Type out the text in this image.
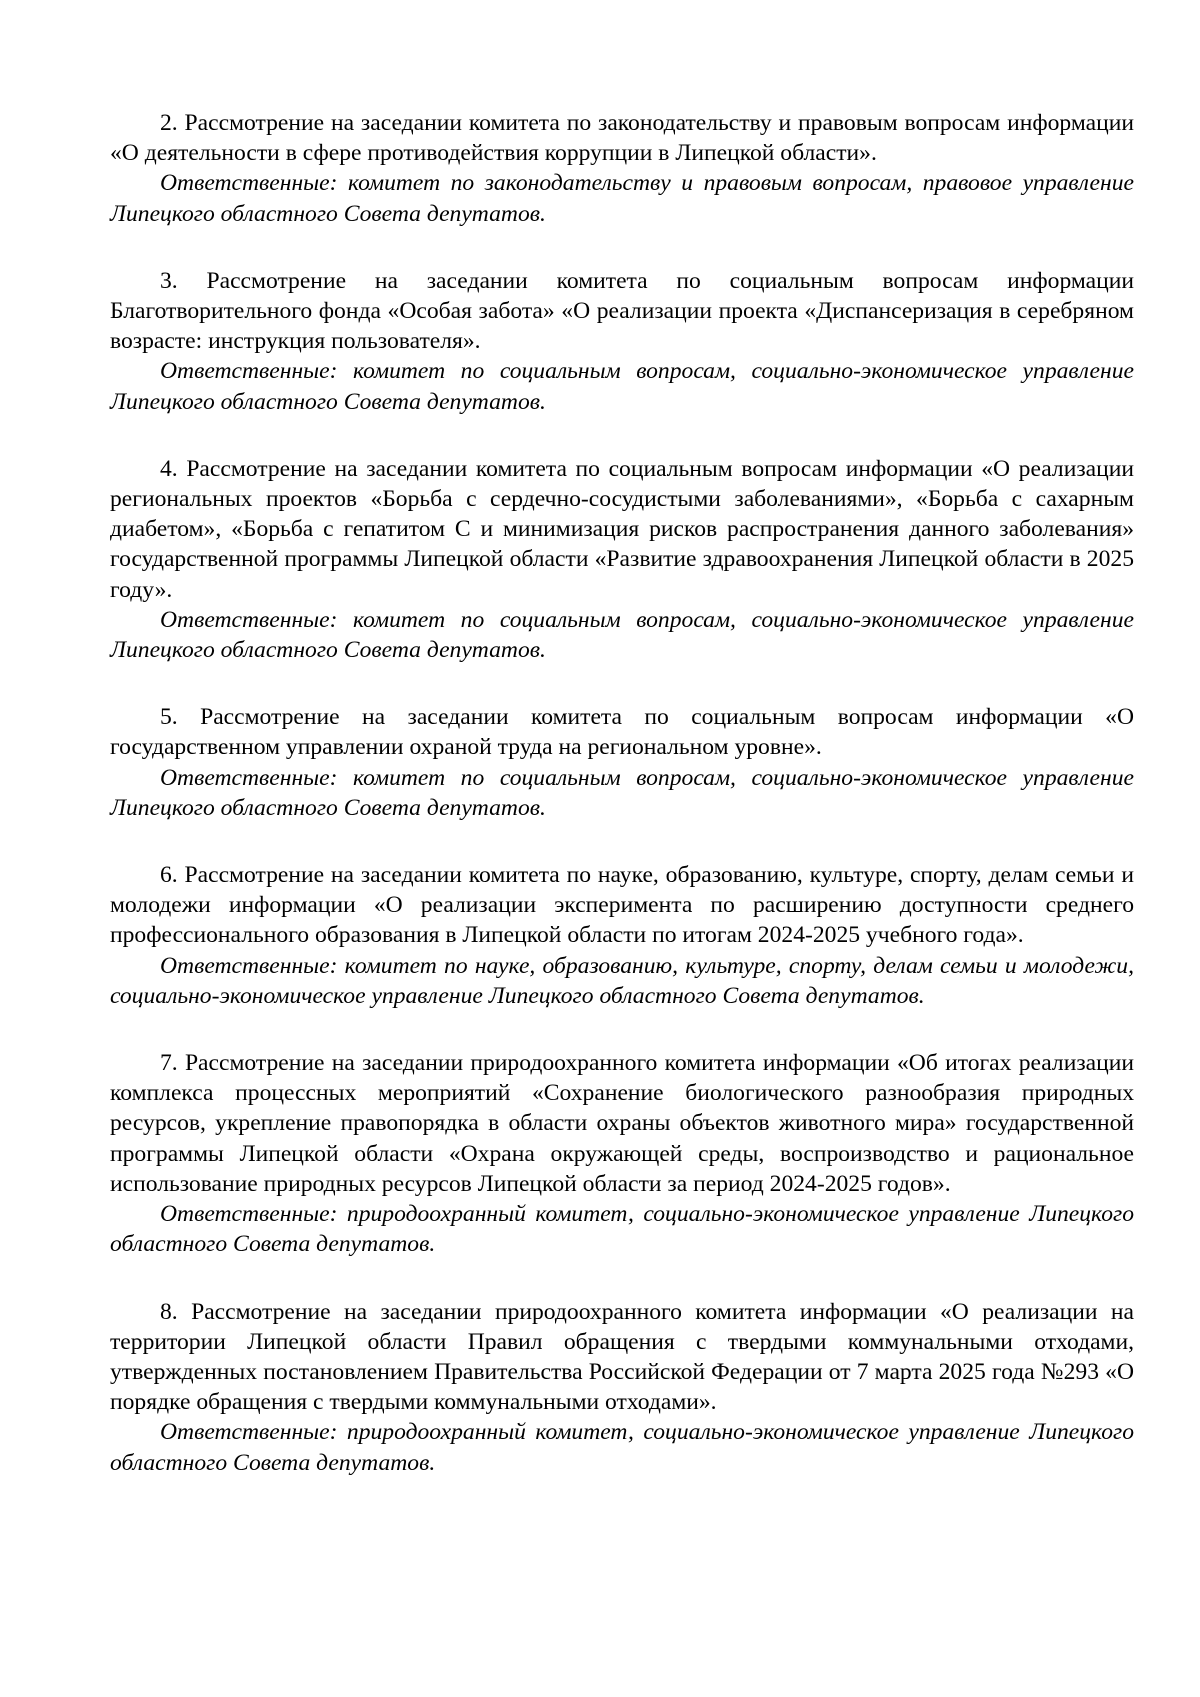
2. Рассмотрение на заседании комитета по законодательству и правовым вопросам информации «О деятельности в сфере противодействия коррупции в Липецкой области».

Ответственные: комитет по законодательству и правовым вопросам, правовое управление Липецкого областного Совета депутатов.

3. Рассмотрение на заседании комитета по социальным вопросам информации Благотворительного фонда «Особая забота» «О реализации проекта «Диспансеризация в серебряном возрасте: инструкция пользователя».

Ответственные: комитет по социальным вопросам, социально-экономическое управление Липецкого областного Совета депутатов.

4. Рассмотрение на заседании комитета по социальным вопросам информации «О реализации региональных проектов «Борьба с сердечно-сосудистыми заболеваниями», «Борьба с сахарным диабетом», «Борьба с гепатитом С и минимизация рисков распространения данного заболевания» государственной программы Липецкой области «Развитие здравоохранения Липецкой области в 2025 году».

Ответственные: комитет по социальным вопросам, социально-экономическое управление Липецкого областного Совета депутатов.

5. Рассмотрение на заседании комитета по социальным вопросам информации «О государственном управлении охраной труда на региональном уровне».

Ответственные: комитет по социальным вопросам, социально-экономическое управление Липецкого областного Совета депутатов.

6. Рассмотрение на заседании комитета по науке, образованию, культуре, спорту, делам семьи и молодежи информации «О реализации эксперимента по расширению доступности среднего профессионального образования в Липецкой области по итогам 2024-2025 учебного года».

Ответственные: комитет по науке, образованию, культуре, спорту, делам семьи и молодежи, социально-экономическое управление Липецкого областного Совета депутатов.

7. Рассмотрение на заседании природоохранного комитета информации «Об итогах реализации комплекса процессных мероприятий «Сохранение биологического разнообразия природных ресурсов, укрепление правопорядка в области охраны объектов животного мира» государственной программы Липецкой области «Охрана окружающей среды, воспроизводство и рациональное использование природных ресурсов Липецкой области за период 2024-2025 годов».

Ответственные: природоохранный комитет, социально-экономическое управление Липецкого областного Совета депутатов.

8. Рассмотрение на заседании природоохранного комитета информации «О реализации на территории Липецкой области Правил обращения с твердыми коммунальными отходами, утвержденных постановлением Правительства Российской Федерации от 7 марта 2025 года №293 «О порядке обращения с твердыми коммунальными отходами».

Ответственные: природоохранный комитет, социально-экономическое управление Липецкого областного Совета депутатов.
